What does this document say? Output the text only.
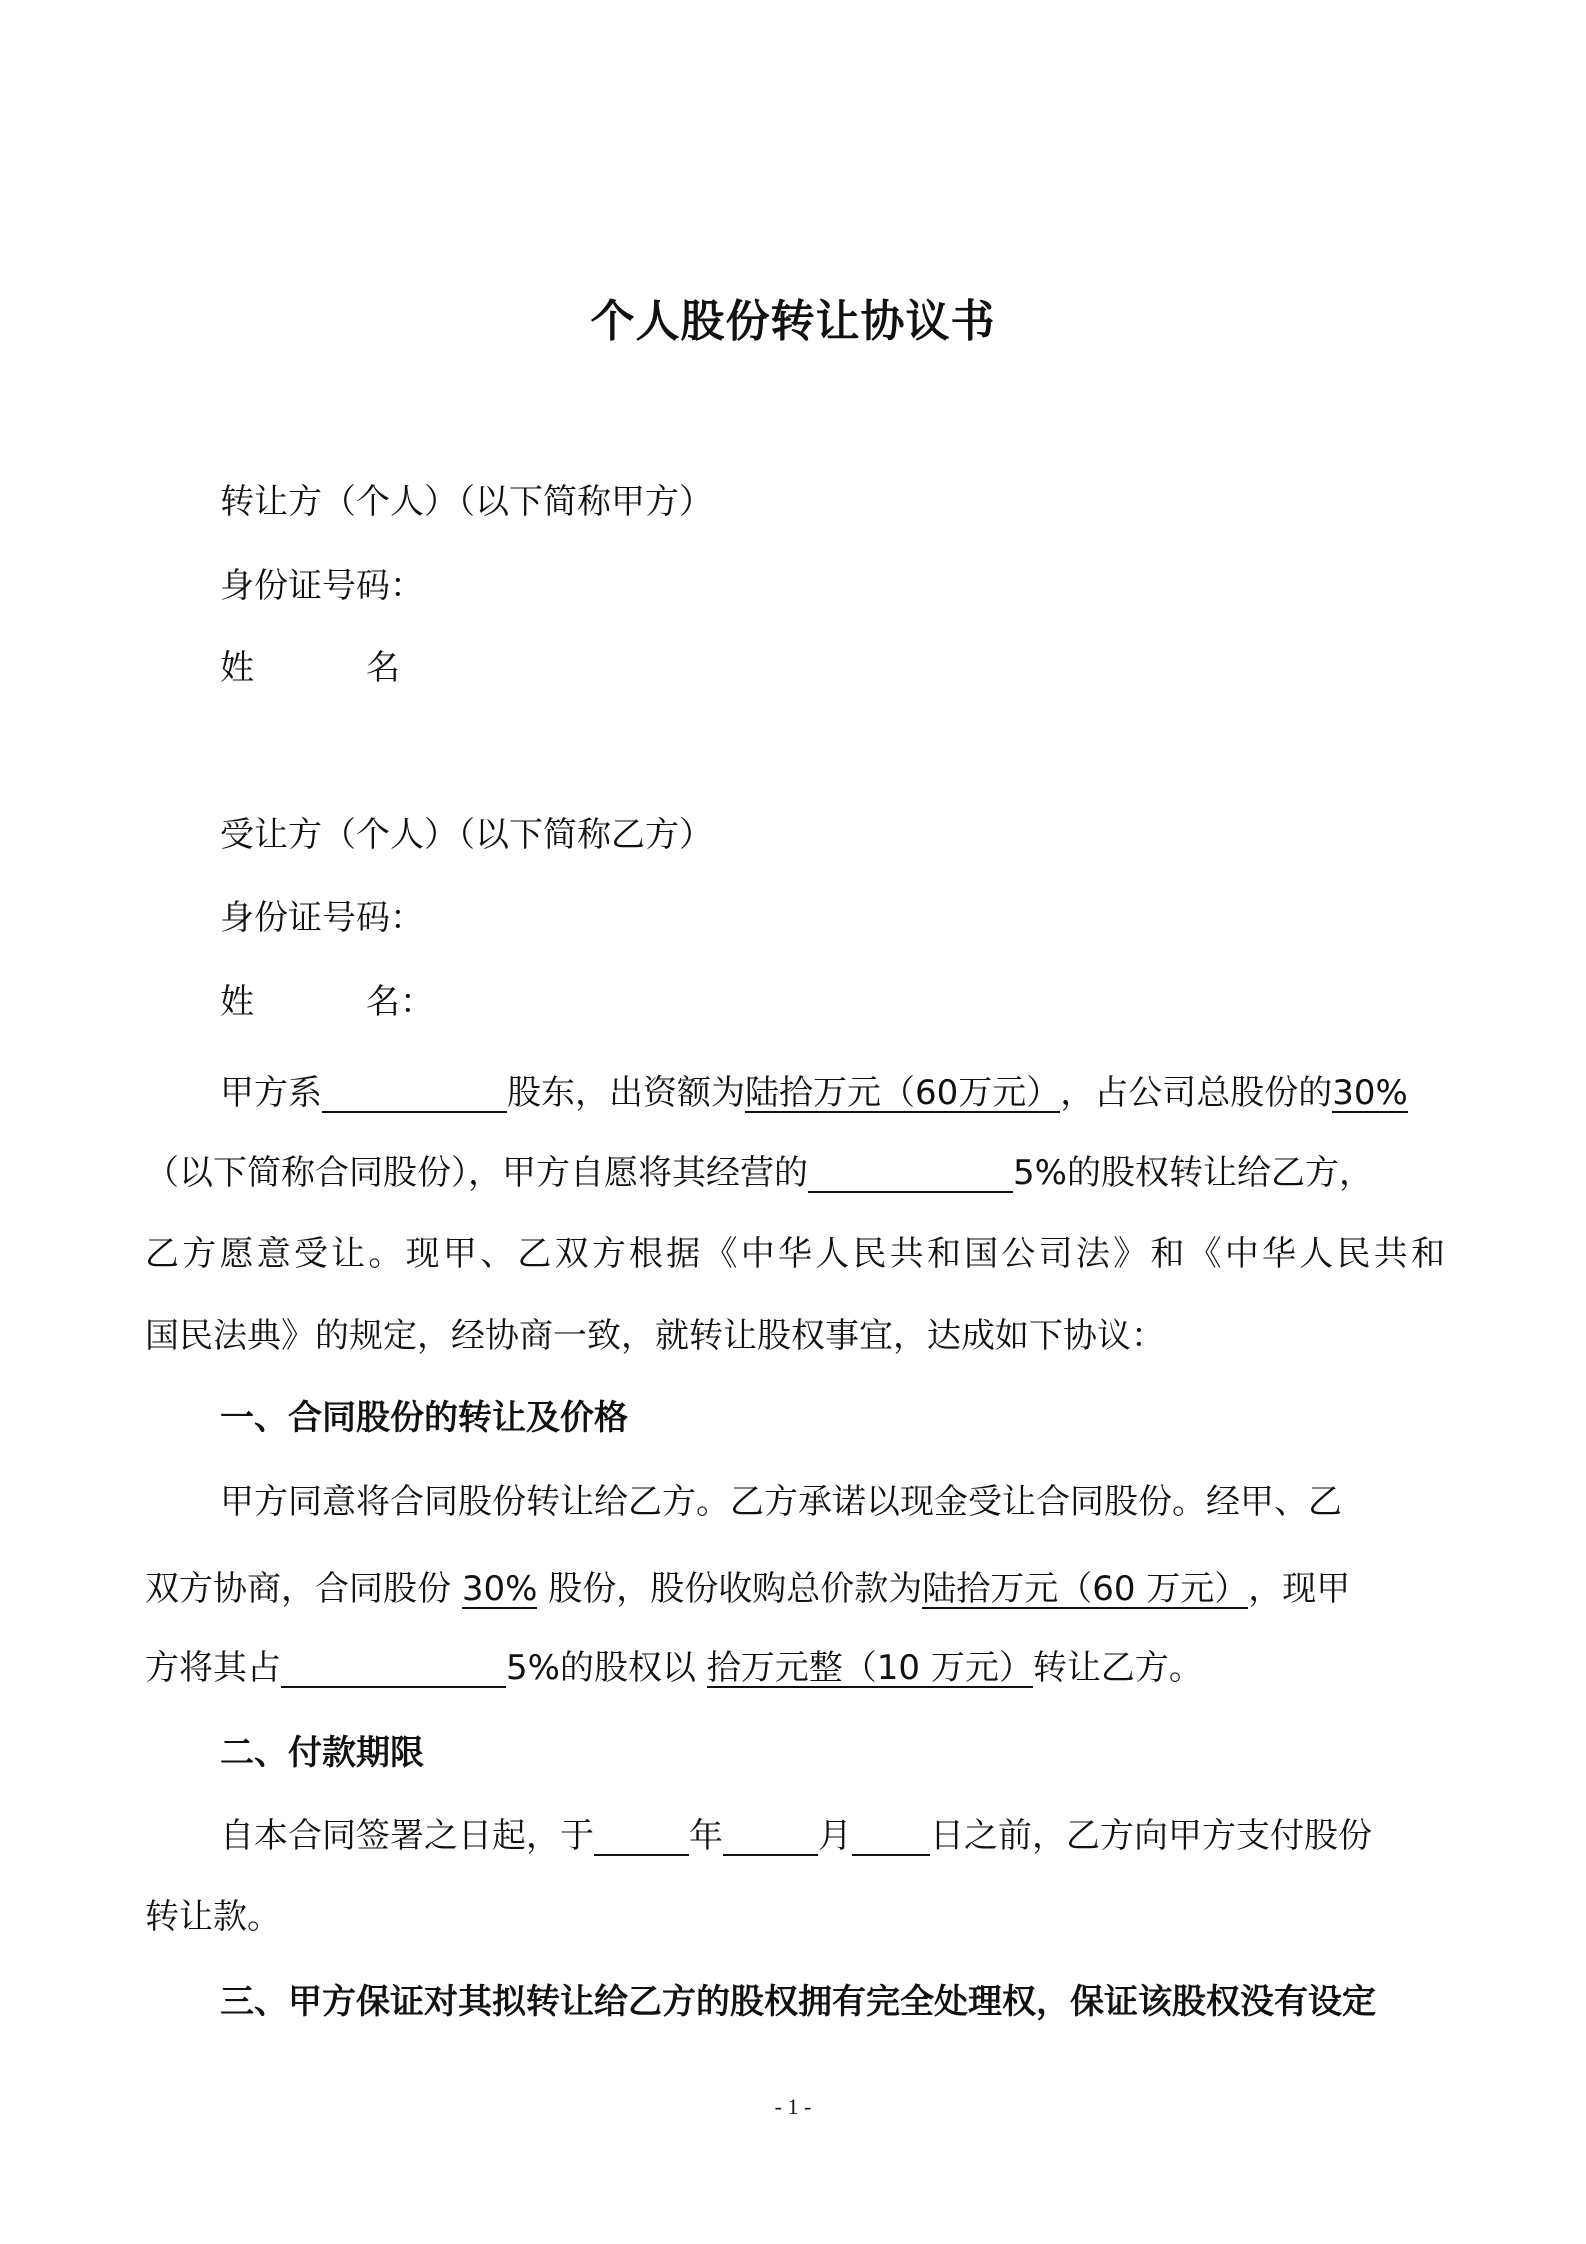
个人股份转让协议书
转让方（个人）（以下简称甲方）
身份证号码：
姓	名
受让方（个人）（以下简称乙方）
身份证号码：
姓	名：
甲方系	股东，出资额为陆拾万元（60万元），占公司总股份的30%
（以下简称合同股份），甲方自愿将其经营的	5%的股权转让给乙方，
乙方愿意受让。现甲、乙双方根据《中华人民共和国公司法》和《中华人民共和
国民法典》的规定，经协商一致，就转让股权事宜，达成如下协议：
一、合同股份的转让及价格
甲方同意将合同股份转让给乙方。乙方承诺以现金受让合同股份。经甲、乙
双方协商，合同股份 30% 股份，股份收购总价款为陆拾万元（60 万元），现甲
方将其占	5%的股权以 拾万元整（10 万元）转让乙方。
二、付款期限
自本合同签署之日起，于	年	月 日之前，乙方向甲方支付股份
转让款。
三、甲方保证对其拟转让给乙方的股权拥有完全处理权，保证该股权没有设定
- 1 -
